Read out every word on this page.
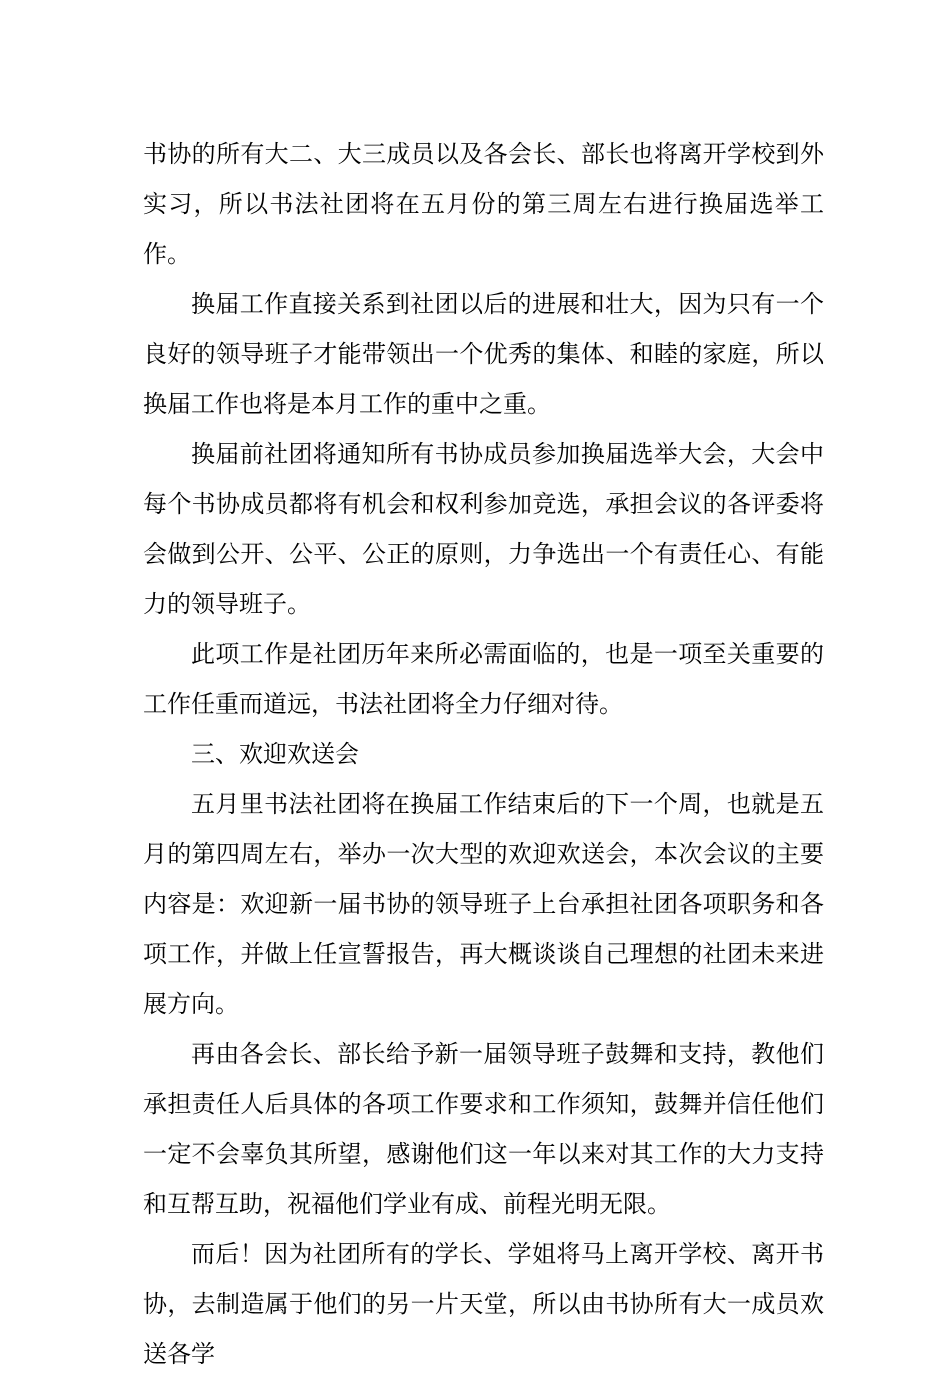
书协的所有大二、大三成员以及各会长、部长也将离开学校到外实习，所以书法社团将在五月份的第三周左右进行换届选举工作。

换届工作直接关系到社团以后的进展和壮大，因为只有一个良好的领导班子才能带领出一个优秀的集体、和睦的家庭，所以换届工作也将是本月工作的重中之重。

换届前社团将通知所有书协成员参加换届选举大会，大会中每个书协成员都将有机会和权利参加竞选，承担会议的各评委将会做到公开、公平、公正的原则，力争选出一个有责任心、有能力的领导班子。

此项工作是社团历年来所必需面临的，也是一项至关重要的工作任重而道远，书法社团将全力仔细对待。

三、欢迎欢送会

五月里书法社团将在换届工作结束后的下一个周，也就是五月的第四周左右，举办一次大型的欢迎欢送会，本次会议的主要内容是：欢迎新一届书协的领导班子上台承担社团各项职务和各项工作，并做上任宣誓报告，再大概谈谈自己理想的社团未来进展方向。

再由各会长、部长给予新一届领导班子鼓舞和支持，教他们承担责任人后具体的各项工作要求和工作须知，鼓舞并信任他们一定不会辜负其所望，感谢他们这一年以来对其工作的大力支持和互帮互助，祝福他们学业有成、前程光明无限。

而后！因为社团所有的学长、学姐将马上离开学校、离开书协，去制造属于他们的另一片天堂，所以由书协所有大一成员欢送各学
